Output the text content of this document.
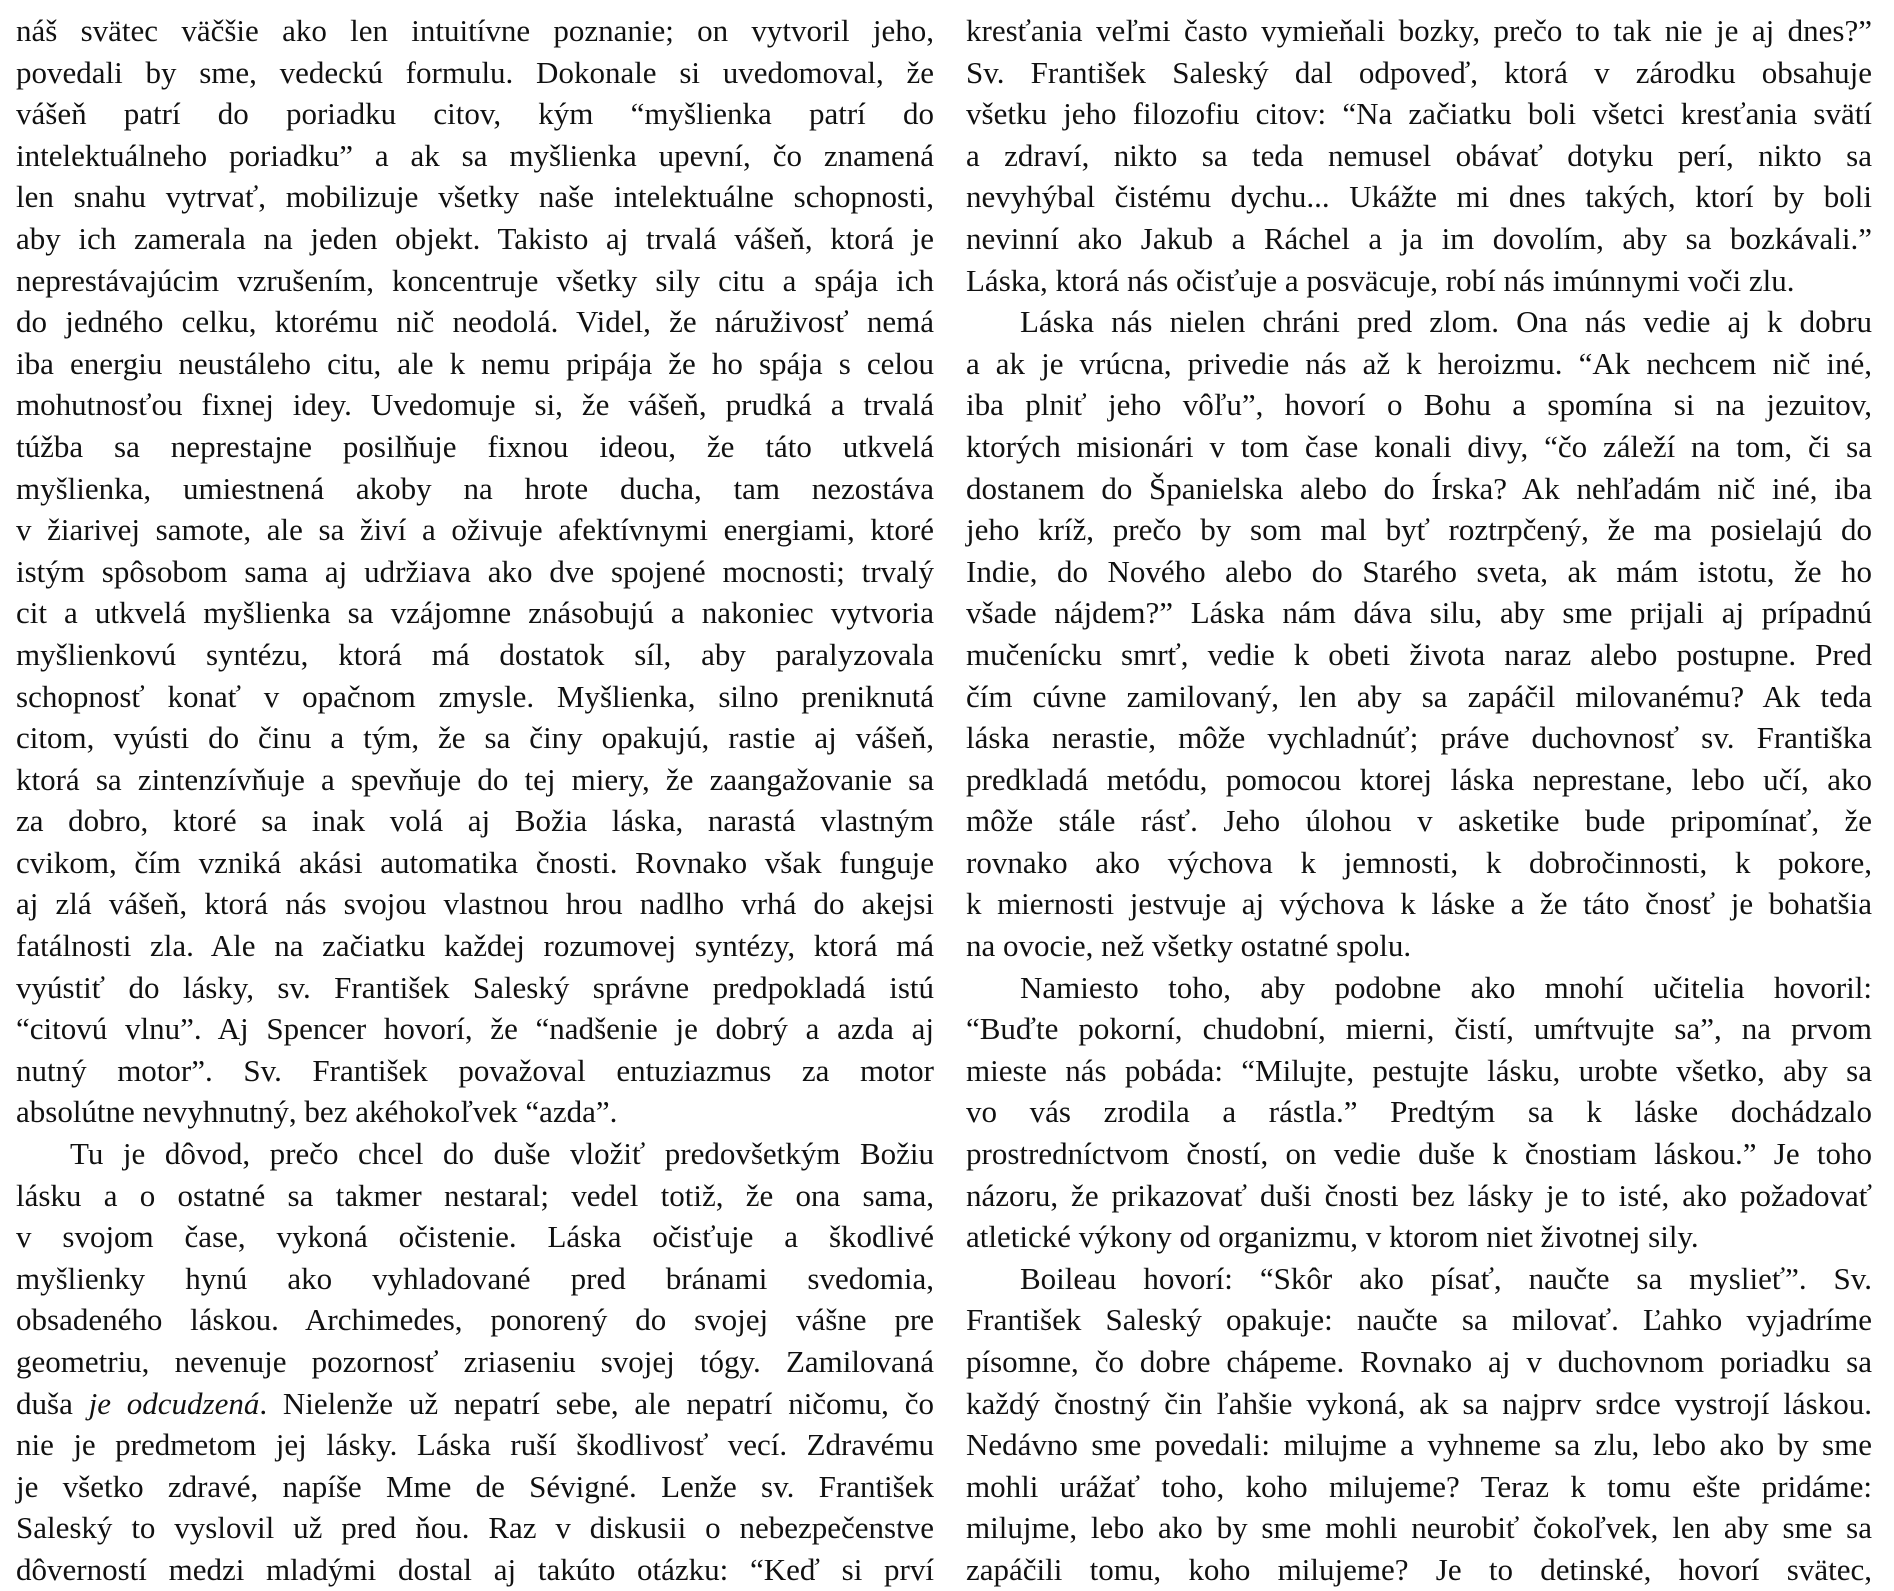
náš svätec väčšie ako len intuitívne poznanie; on vytvoril jeho,
povedali by sme, vedeckú formulu. Dokonale si uvedomoval, že
vášeň patrí do poriadku citov, kým “myšlienka patrí do
intelektuálneho poriadku” a ak sa myšlienka upevní, čo znamená
len snahu vytrvať, mobilizuje všetky naše intelektuálne schopnosti,
aby ich zamerala na jeden objekt. Takisto aj trvalá vášeň, ktorá je
neprestávajúcim vzrušením, koncentruje všetky sily citu a spája ich
do jedného celku, ktorému nič neodolá. Videl, že náruživosť nemá
iba energiu neustáleho citu, ale k nemu pripája že ho spája s celou
mohutnosťou fixnej idey. Uvedomuje si, že vášeň, prudká a trvalá
túžba sa neprestajne posilňuje fixnou ideou, že táto utkvelá
myšlienka, umiestnená akoby na hrote ducha, tam nezostáva
v žiarivej samote, ale sa živí a oživuje afektívnymi energiami, ktoré
istým spôsobom sama aj udržiava ako dve spojené mocnosti; trvalý
cit a utkvelá myšlienka sa vzájomne znásobujú a nakoniec vytvoria
myšlienkovú syntézu, ktorá má dostatok síl, aby paralyzovala
schopnosť konať v opačnom zmysle. Myšlienka, silno preniknutá
citom, vyústi do činu a tým, že sa činy opakujú, rastie aj vášeň,
ktorá sa zintenzívňuje a spevňuje do tej miery, že zaangažovanie sa
za dobro, ktoré sa inak volá aj Božia láska, narastá vlastným
cvikom, čím vzniká akási automatika čnosti. Rovnako však funguje
aj zlá vášeň, ktorá nás svojou vlastnou hrou nadlho vrhá do akejsi
fatálnosti zla. Ale na začiatku každej rozumovej syntézy, ktorá má
vyústiť do lásky, sv. František Saleský správne predpokladá istú
“citovú vlnu”. Aj Spencer hovorí, že “nadšenie je dobrý a azda aj
nutný motor”. Sv. František považoval entuziazmus za motor
absolútne nevyhnutný, bez akéhokoľvek “azda”.
Tu je dôvod, prečo chcel do duše vložiť predovšetkým Božiu
lásku a o ostatné sa takmer nestaral; vedel totiž, že ona sama,
v svojom čase, vykoná očistenie. Láska očisťuje a škodlivé
myšlienky hynú ako vyhladované pred bránami svedomia,
obsadeného láskou. Archimedes, ponorený do svojej vášne pre
geometriu, nevenuje pozornosť zriaseniu svojej tógy. Zamilovaná
duša je odcudzená. Nielenže už nepatrí sebe, ale nepatrí ničomu, čo
nie je predmetom jej lásky. Láska ruší škodlivosť vecí. Zdravému
je všetko zdravé, napíše Mme de Sévigné. Lenže sv. František
Saleský to vyslovil už pred ňou. Raz v diskusii o nebezpečenstve
dôverností medzi mladými dostal aj takúto otázku: “Keď si prví
kresťania veľmi často vymieňali bozky, prečo to tak nie je aj dnes?”
Sv. František Saleský dal odpoveď, ktorá v zárodku obsahuje
všetku jeho filozofiu citov: “Na začiatku boli všetci kresťania svätí
a zdraví, nikto sa teda nemusel obávať dotyku perí, nikto sa
nevyhýbal čistému dychu... Ukážte mi dnes takých, ktorí by boli
nevinní ako Jakub a Ráchel a ja im dovolím, aby sa bozkávali.”
Láska, ktorá nás očisťuje a posväcuje, robí nás imúnnymi voči zlu.
Láska nás nielen chráni pred zlom. Ona nás vedie aj k dobru
a ak je vrúcna, privedie nás až k heroizmu. “Ak nechcem nič iné,
iba plniť jeho vôľu”, hovorí o Bohu a spomína si na jezuitov,
ktorých misionári v tom čase konali divy, “čo záleží na tom, či sa
dostanem do Španielska alebo do Írska? Ak nehľadám nič iné, iba
jeho kríž, prečo by som mal byť roztrpčený, že ma posielajú do
Indie, do Nového alebo do Starého sveta, ak mám istotu, že ho
všade nájdem?” Láska nám dáva silu, aby sme prijali aj prípadnú
mučenícku smrť, vedie k obeti života naraz alebo postupne. Pred
čím cúvne zamilovaný, len aby sa zapáčil milovanému? Ak teda
láska nerastie, môže vychladnúť; práve duchovnosť sv. Františka
predkladá metódu, pomocou ktorej láska neprestane, lebo učí, ako
môže stále rásť. Jeho úlohou v asketike bude pripomínať, že
rovnako ako výchova k jemnosti, k dobročinnosti, k pokore,
k miernosti jestvuje aj výchova k láske a že táto čnosť je bohatšia
na ovocie, než všetky ostatné spolu.
Namiesto toho, aby podobne ako mnohí učitelia hovoril:
“Buďte pokorní, chudobní, mierni, čistí, umŕtvujte sa”, na prvom
mieste nás pobáda: “Milujte, pestujte lásku, urobte všetko, aby sa
vo vás zrodila a rástla.” Predtým sa k láske dochádzalo
prostredníctvom čností, on vedie duše k čnostiam láskou.” Je toho
názoru, že prikazovať duši čnosti bez lásky je to isté, ako požadovať
atletické výkony od organizmu, v ktorom niet životnej sily.
Boileau hovorí: “Skôr ako písať, naučte sa myslieť”. Sv.
František Saleský opakuje: naučte sa milovať. Ľahko vyjadríme
písomne, čo dobre chápeme. Rovnako aj v duchovnom poriadku sa
každý čnostný čin ľahšie vykoná, ak sa najprv srdce vystrojí láskou.
Nedávno sme povedali: milujme a vyhneme sa zlu, lebo ako by sme
mohli urážať toho, koho milujeme? Teraz k tomu ešte pridáme:
milujme, lebo ako by sme mohli neurobiť čokoľvek, len aby sme sa
zapáčili tomu, koho milujeme? Je to detinské, hovorí svätec,
